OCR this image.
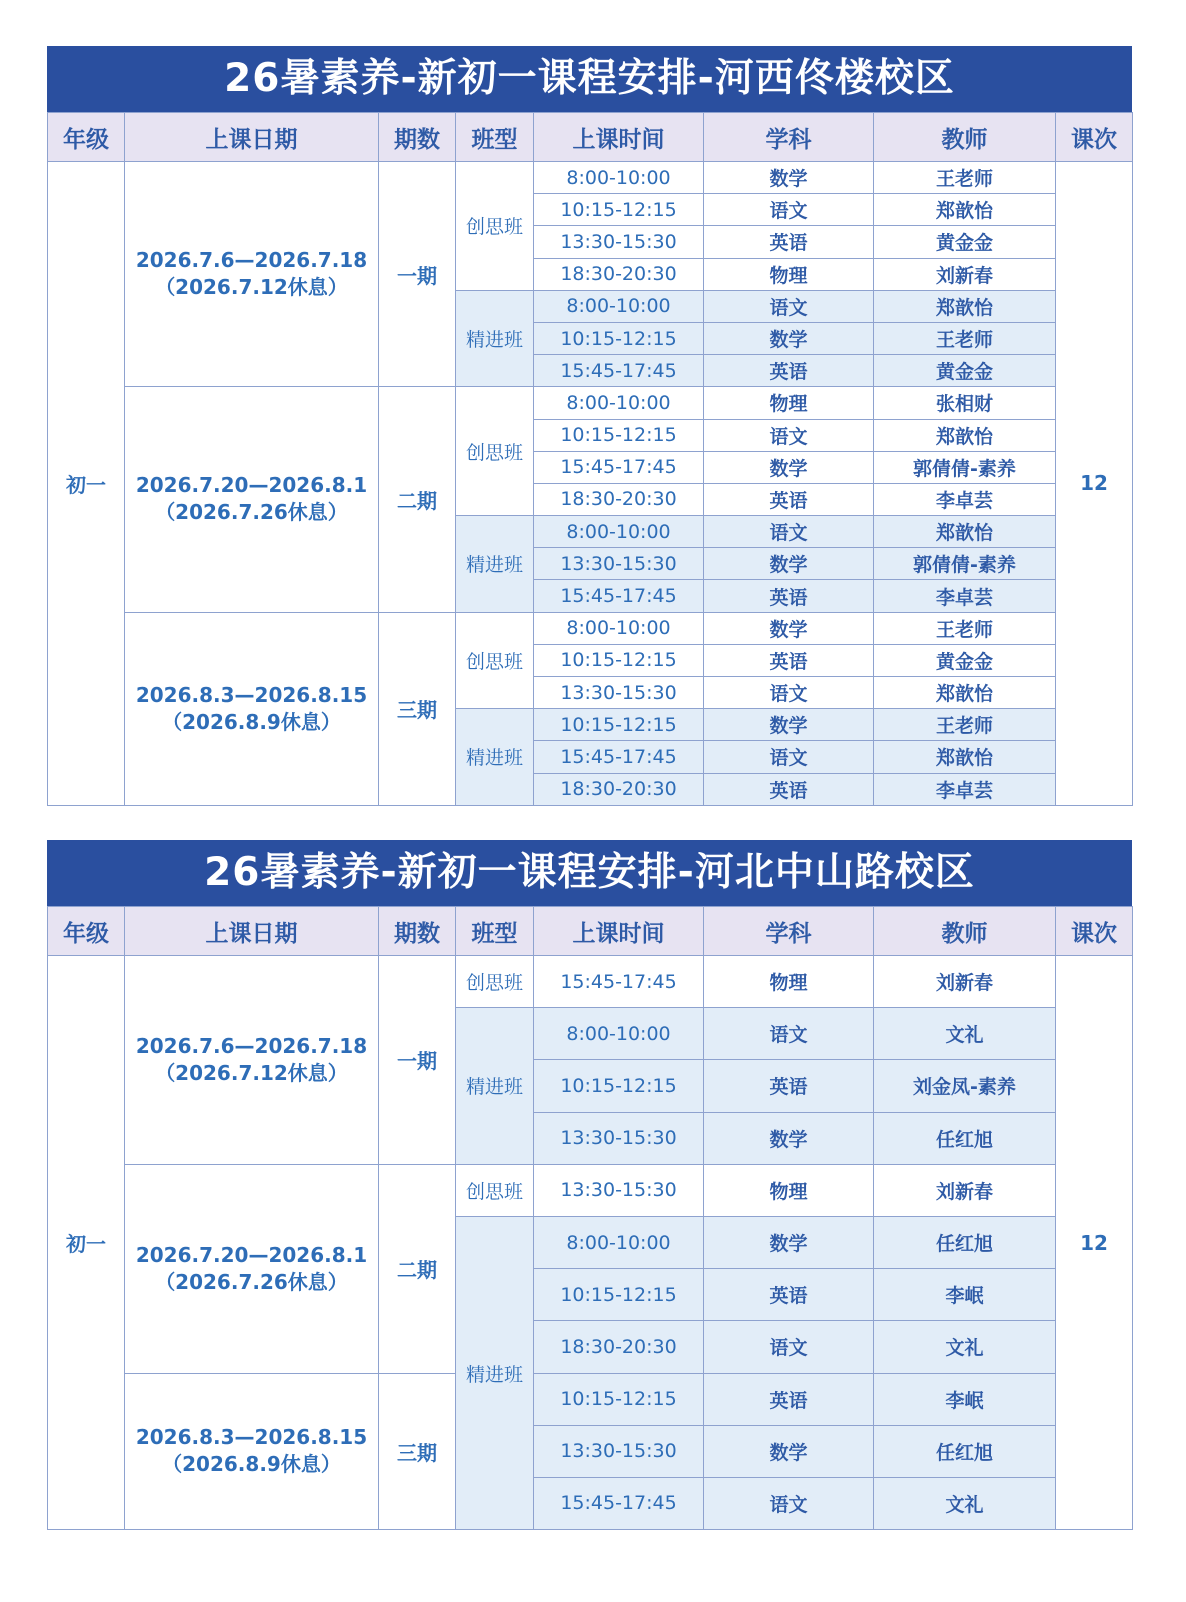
26暑素养-新初一课程安排-河西佟楼校区
年级	上课日期	期数	班型	上课时间	学科	教师	课次
初一	2026.7.6—2026.7.18
（2026.7.12休息）	一期	创思班	8:00-10:00	数学	王老师	12
				10:15-12:15	语文	郑歆怡	
				13:30-15:30	英语	黄金金	
				18:30-20:30	物理	刘新春	
			精进班	8:00-10:00	语文	郑歆怡	
				10:15-12:15	数学	王老师	
				15:45-17:45	英语	黄金金	

	2026.7.20—2026.8.1
（2026.7.26休息）	二期	创思班	8:00-10:00	物理	张相财	
				10:15-12:15	语文	郑歆怡	
				15:45-17:45	数学	郭倩倩-素养	
				18:30-20:30	英语	李卓芸	
			精进班	8:00-10:00	语文	郑歆怡	
				13:30-15:30	数学	郭倩倩-素养	
				15:45-17:45	英语	李卓芸	

	2026.8.3—2026.8.15
（2026.8.9休息）	三期	创思班	8:00-10:00	数学	王老师	
				10:15-12:15	英语	黄金金	
				13:30-15:30	语文	郑歆怡	
			精进班	10:15-12:15	数学	王老师	
				15:45-17:45	语文	郑歆怡	
				18:30-20:30	英语	李卓芸	
26暑素养-新初一课程安排-河北中山路校区
年级	上课日期	期数	班型	上课时间	学科	教师	课次
初一	2026.7.6—2026.7.18
（2026.7.12休息）	一期	创思班	15:45-17:45	物理	刘新春	12
			精进班	8:00-10:00	语文	文礼	
				10:15-12:15	英语	刘金凤-素养	
				13:30-15:30	数学	任红旭	

	2026.7.20—2026.8.1
（2026.7.26休息）	二期	创思班	13:30-15:30	物理	刘新春	
			精进班	8:00-10:00	数学	任红旭	
				10:15-12:15	英语	李岷	
				18:30-20:30	语文	文礼	

	2026.8.3—2026.8.15
（2026.8.9休息）	三期		10:15-12:15	英语	李岷	
				13:30-15:30	数学	任红旭	
				15:45-17:45	语文	文礼	
